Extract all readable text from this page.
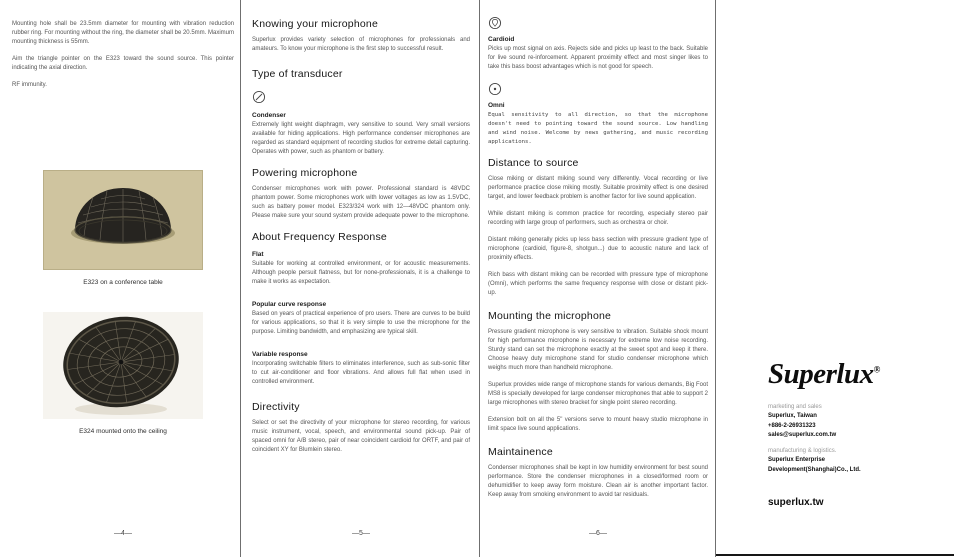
Mounting hole shall be 23.5mm diameter for mounting with vibration reduction rubber ring. For mounting without the ring, the diameter shall be 20.5mm. Maximum mounting thickness is 55mm.

Aim the triangle pointer on the E323 toward the sound source. This pointer indicating the axial direction.

RF immunity.

E323 on a conference table
E324 mounted onto the ceiling
Knowing your microphone

Superlux provides variety selection of microphones for professionals and amateurs. To know your microphone is the first step to successful result.

Type of transducer
Condenser

Extremely light weight diaphragm, very sensitive to sound. Very small versions available for hiding applications. High performance condenser microphones are regarded as standard equipment of recording studios for extreme detail capturing. Operates with power, such as phantom or battery.

Powering microphone

Condenser microphones work with power. Professional standard is 48VDC phantom power. Some microphones work with lower voltages as low as 1.5VDC, such as battery power model. E323/324 work with 12—48VDC phantom only. Please make sure your sound system provide adequate power to the microphone.

About Frequency Response
Flat

Suitable for working at controlled environment, or for acoustic measurements. Although people persuit flatness, but for none-professionals, it is a challenge to make it works as expectation.

Popular curve response

Based on years of practical experience of pro users. There are curves to be build for various applications, so that it is very simple to use the microphone for the purpose. Limiting bandwidth, and emphasizing are typical skill.

Variable response

Incorporating switchable filters to eliminates interference, such as sub-sonic filter to cut air-conditioner and floor vibrations. And allows full flat when used in controlled environment.

Directivity

Select or set the directivity of your microphone for stereo recording, for various music instrument, vocal, speech, and environmental sound pick-up. Pair of spaced omni for A/B stereo, pair of near coincident cardioid for ORTF, and pair of coincident XY for Blumlein stereo.

Cardioid

Picks up most signal on axis. Rejects side and picks up least to the back. Suitable for live sound re-inforcement. Apparent proximity effect and most singer likes to take this bass boost advantages which is not good for speech.

Omni

Equal sensitivity to all direction, so that the microphone doesn't need to pointing toward the sound source. Low handling and wind noise. Welcome by news gathering, and music recording applications.

Distance to source

Close miking or distant miking sound very differently. Vocal recording or live performance practice close miking mostly. Suitable proximity effect is one desired target, and lower feedback problem is another factor for live sound application.

While distant miking is common practice for recording, especially stereo pair recording with large group of performers, such as orchestra or choir.

Distant miking generally picks up less bass section with pressure gradient type of microphone (cardioid, figure-8, shotgun...) due to acoustic nature and lack of proximity effects.

Rich bass with distant miking can be recorded with pressure type of microphone (Omni), which performs the same frequency response with close or distant pick-up.

Mounting the microphone

Pressure gradient microphone is very sensitive to vibration. Suitable shock mount for high performance microphone is necessary for extreme low noise recording. Sturdy stand can set the microphone exactly at the sweet spot and keep it there. Choose heavy duty microphone stand for studio condenser microphone which weighs much more than handheld microphone.

Superlux provides wide range of microphone stands for various demands, Big Foot MS8 is specially developed for large condenser microphones that able to support 2 large microphones with stereo bracket for single point stereo recording.

Extension bolt on all the 5" versions serve to mount heavy studio microphone in limit space live sound applications.

Maintainence

Condenser microphones shall be kept in low humidity environment for best sound performance. Store the condenser microphones in a closed/formed room or dehumidifier to keep away form moisture. Clean air is another important factor. Keep away from smoking environment to avoid tar residuals.

Superlux®
marketing and sales
Superlux, Taiwan
+886-2-26931323
sales@superlux.com.tw
manufacturing & logistics.
Superlux Enterprise
Development(Shanghai)Co., Ltd.
superlux.tw
—4—	—5—	—6—
